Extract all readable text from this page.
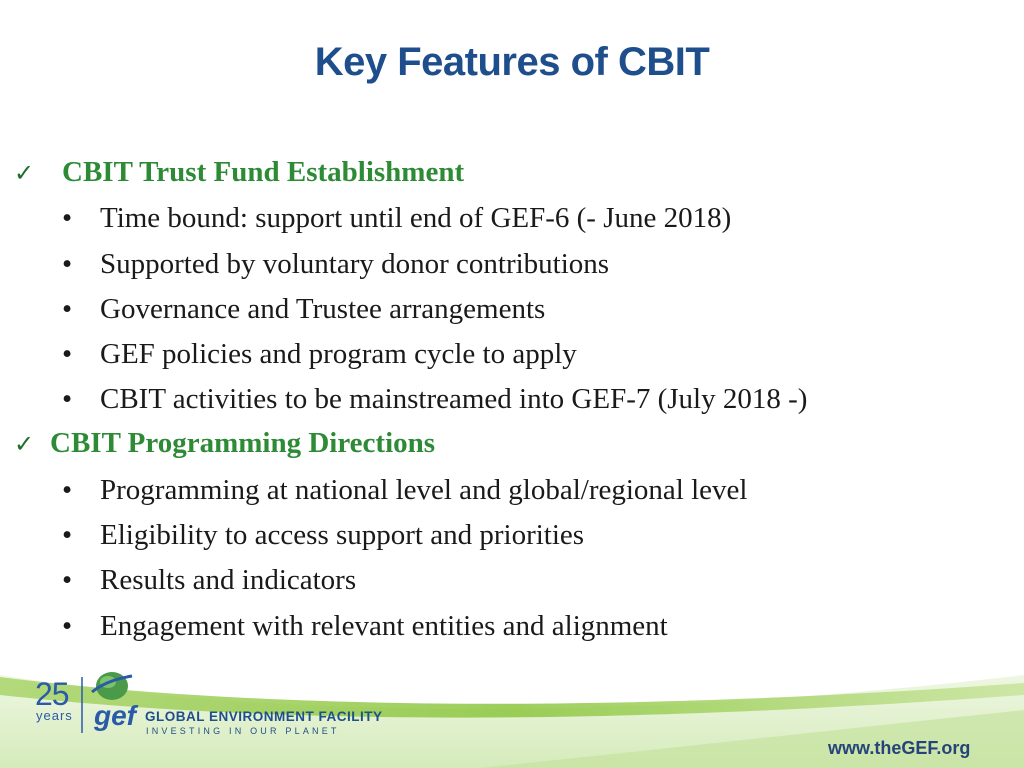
Key Features of CBIT
✓ CBIT Trust Fund Establishment
• Time bound: support until end of GEF-6 (- June 2018)
• Supported by voluntary donor contributions
• Governance and Trustee arrangements
• GEF policies and program cycle to apply
• CBIT activities to be mainstreamed into GEF-7 (July 2018 -)
✓ CBIT Programming Directions
• Programming at national level and global/regional level
• Eligibility to access support and priorities
• Results and indicators
• Engagement with relevant entities and alignment
25
years gef GLOBAL ENVIRONMENT FACILITY
INVESTING IN OUR PLANET
www.theGEF.org
